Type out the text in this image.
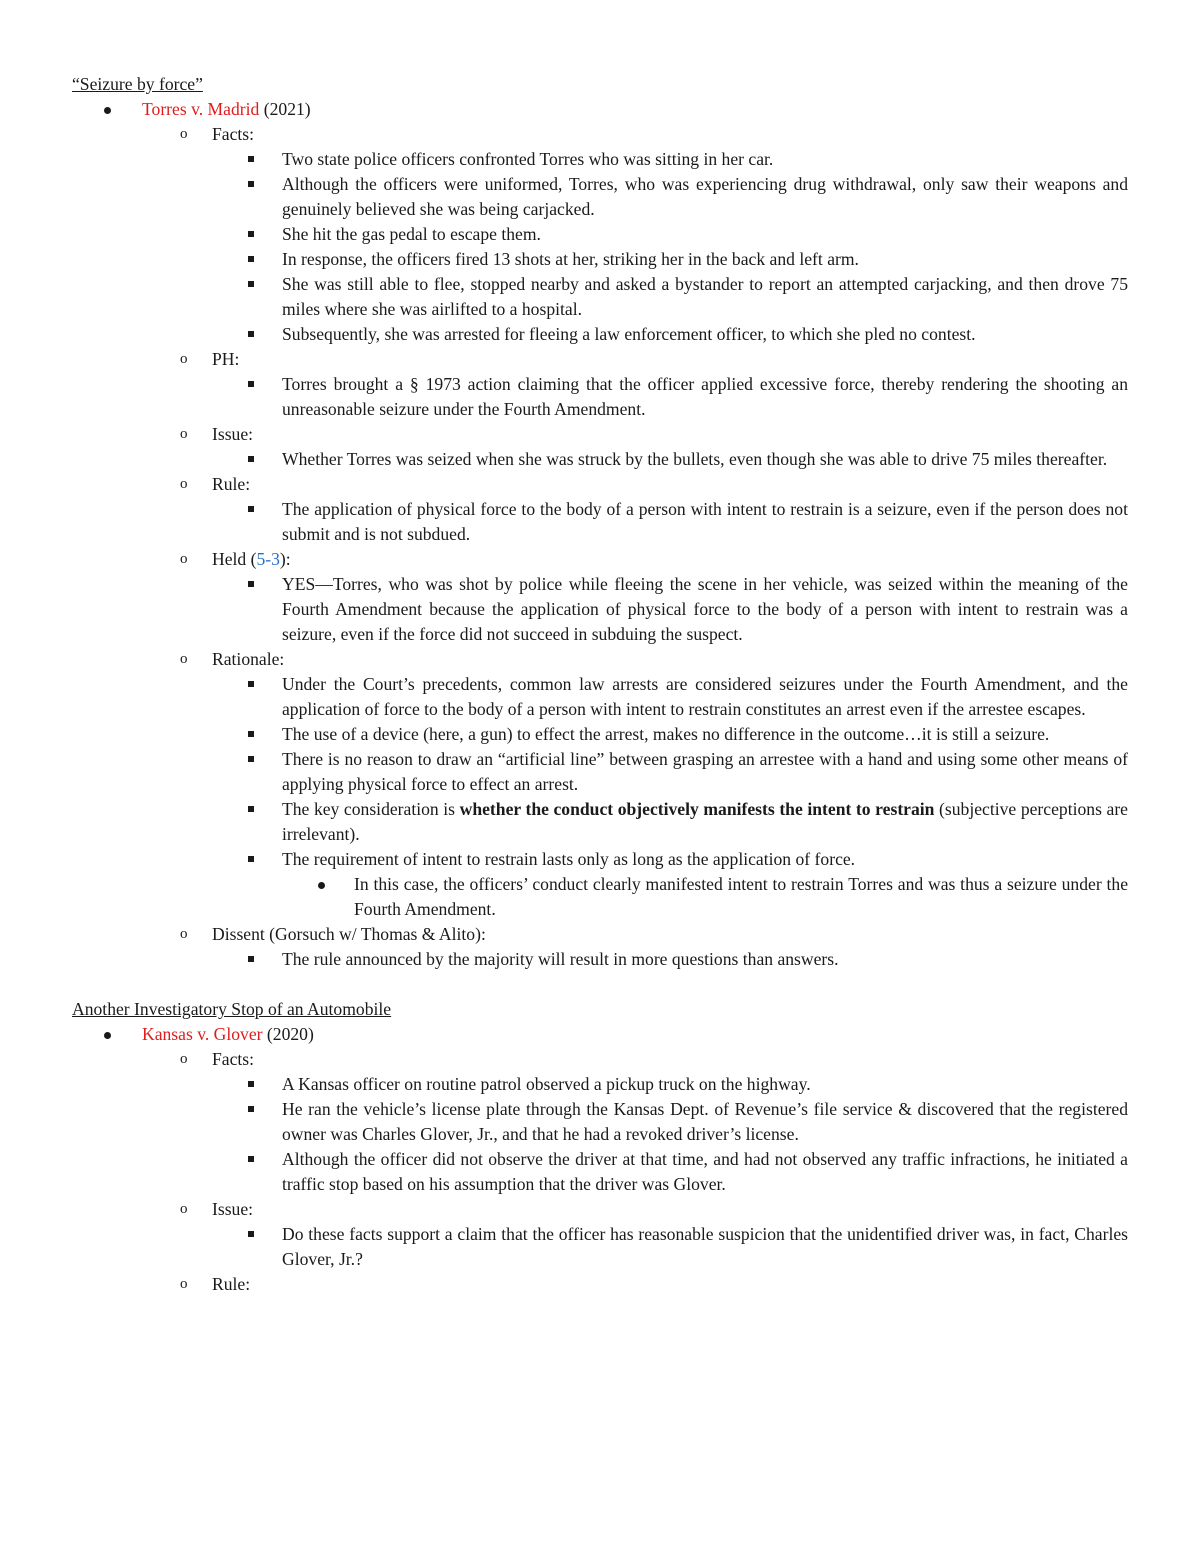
“Seizure by force”
Torres v. Madrid (2021)
o Facts:
Two state police officers confronted Torres who was sitting in her car.
Although the officers were uniformed, Torres, who was experiencing drug withdrawal, only saw their weapons and genuinely believed she was being carjacked.
She hit the gas pedal to escape them.
In response, the officers fired 13 shots at her, striking her in the back and left arm.
She was still able to flee, stopped nearby and asked a bystander to report an attempted carjacking, and then drove 75 miles where she was airlifted to a hospital.
Subsequently, she was arrested for fleeing a law enforcement officer, to which she pled no contest.
o PH:
Torres brought a § 1973 action claiming that the officer applied excessive force, thereby rendering the shooting an unreasonable seizure under the Fourth Amendment.
o Issue:
Whether Torres was seized when she was struck by the bullets, even though she was able to drive 75 miles thereafter.
o Rule:
The application of physical force to the body of a person with intent to restrain is a seizure, even if the person does not submit and is not subdued.
o Held (5-3):
YES—Torres, who was shot by police while fleeing the scene in her vehicle, was seized within the meaning of the Fourth Amendment because the application of physical force to the body of a person with intent to restrain was a seizure, even if the force did not succeed in subduing the suspect.
o Rationale:
Under the Court’s precedents, common law arrests are considered seizures under the Fourth Amendment, and the application of force to the body of a person with intent to restrain constitutes an arrest even if the arrestee escapes.
The use of a device (here, a gun) to effect the arrest, makes no difference in the outcome…it is still a seizure.
There is no reason to draw an “artificial line” between grasping an arrestee with a hand and using some other means of applying physical force to effect an arrest.
The key consideration is whether the conduct objectively manifests the intent to restrain (subjective perceptions are irrelevant).
The requirement of intent to restrain lasts only as long as the application of force.
In this case, the officers’ conduct clearly manifested intent to restrain Torres and was thus a seizure under the Fourth Amendment.
o Dissent (Gorsuch w/ Thomas & Alito):
The rule announced by the majority will result in more questions than answers.
Another Investigatory Stop of an Automobile
Kansas v. Glover (2020)
o Facts:
A Kansas officer on routine patrol observed a pickup truck on the highway.
He ran the vehicle’s license plate through the Kansas Dept. of Revenue’s file service & discovered that the registered owner was Charles Glover, Jr., and that he had a revoked driver’s license.
Although the officer did not observe the driver at that time, and had not observed any traffic infractions, he initiated a traffic stop based on his assumption that the driver was Glover.
o Issue:
Do these facts support a claim that the officer has reasonable suspicion that the unidentified driver was, in fact, Charles Glover, Jr.?
o Rule:
